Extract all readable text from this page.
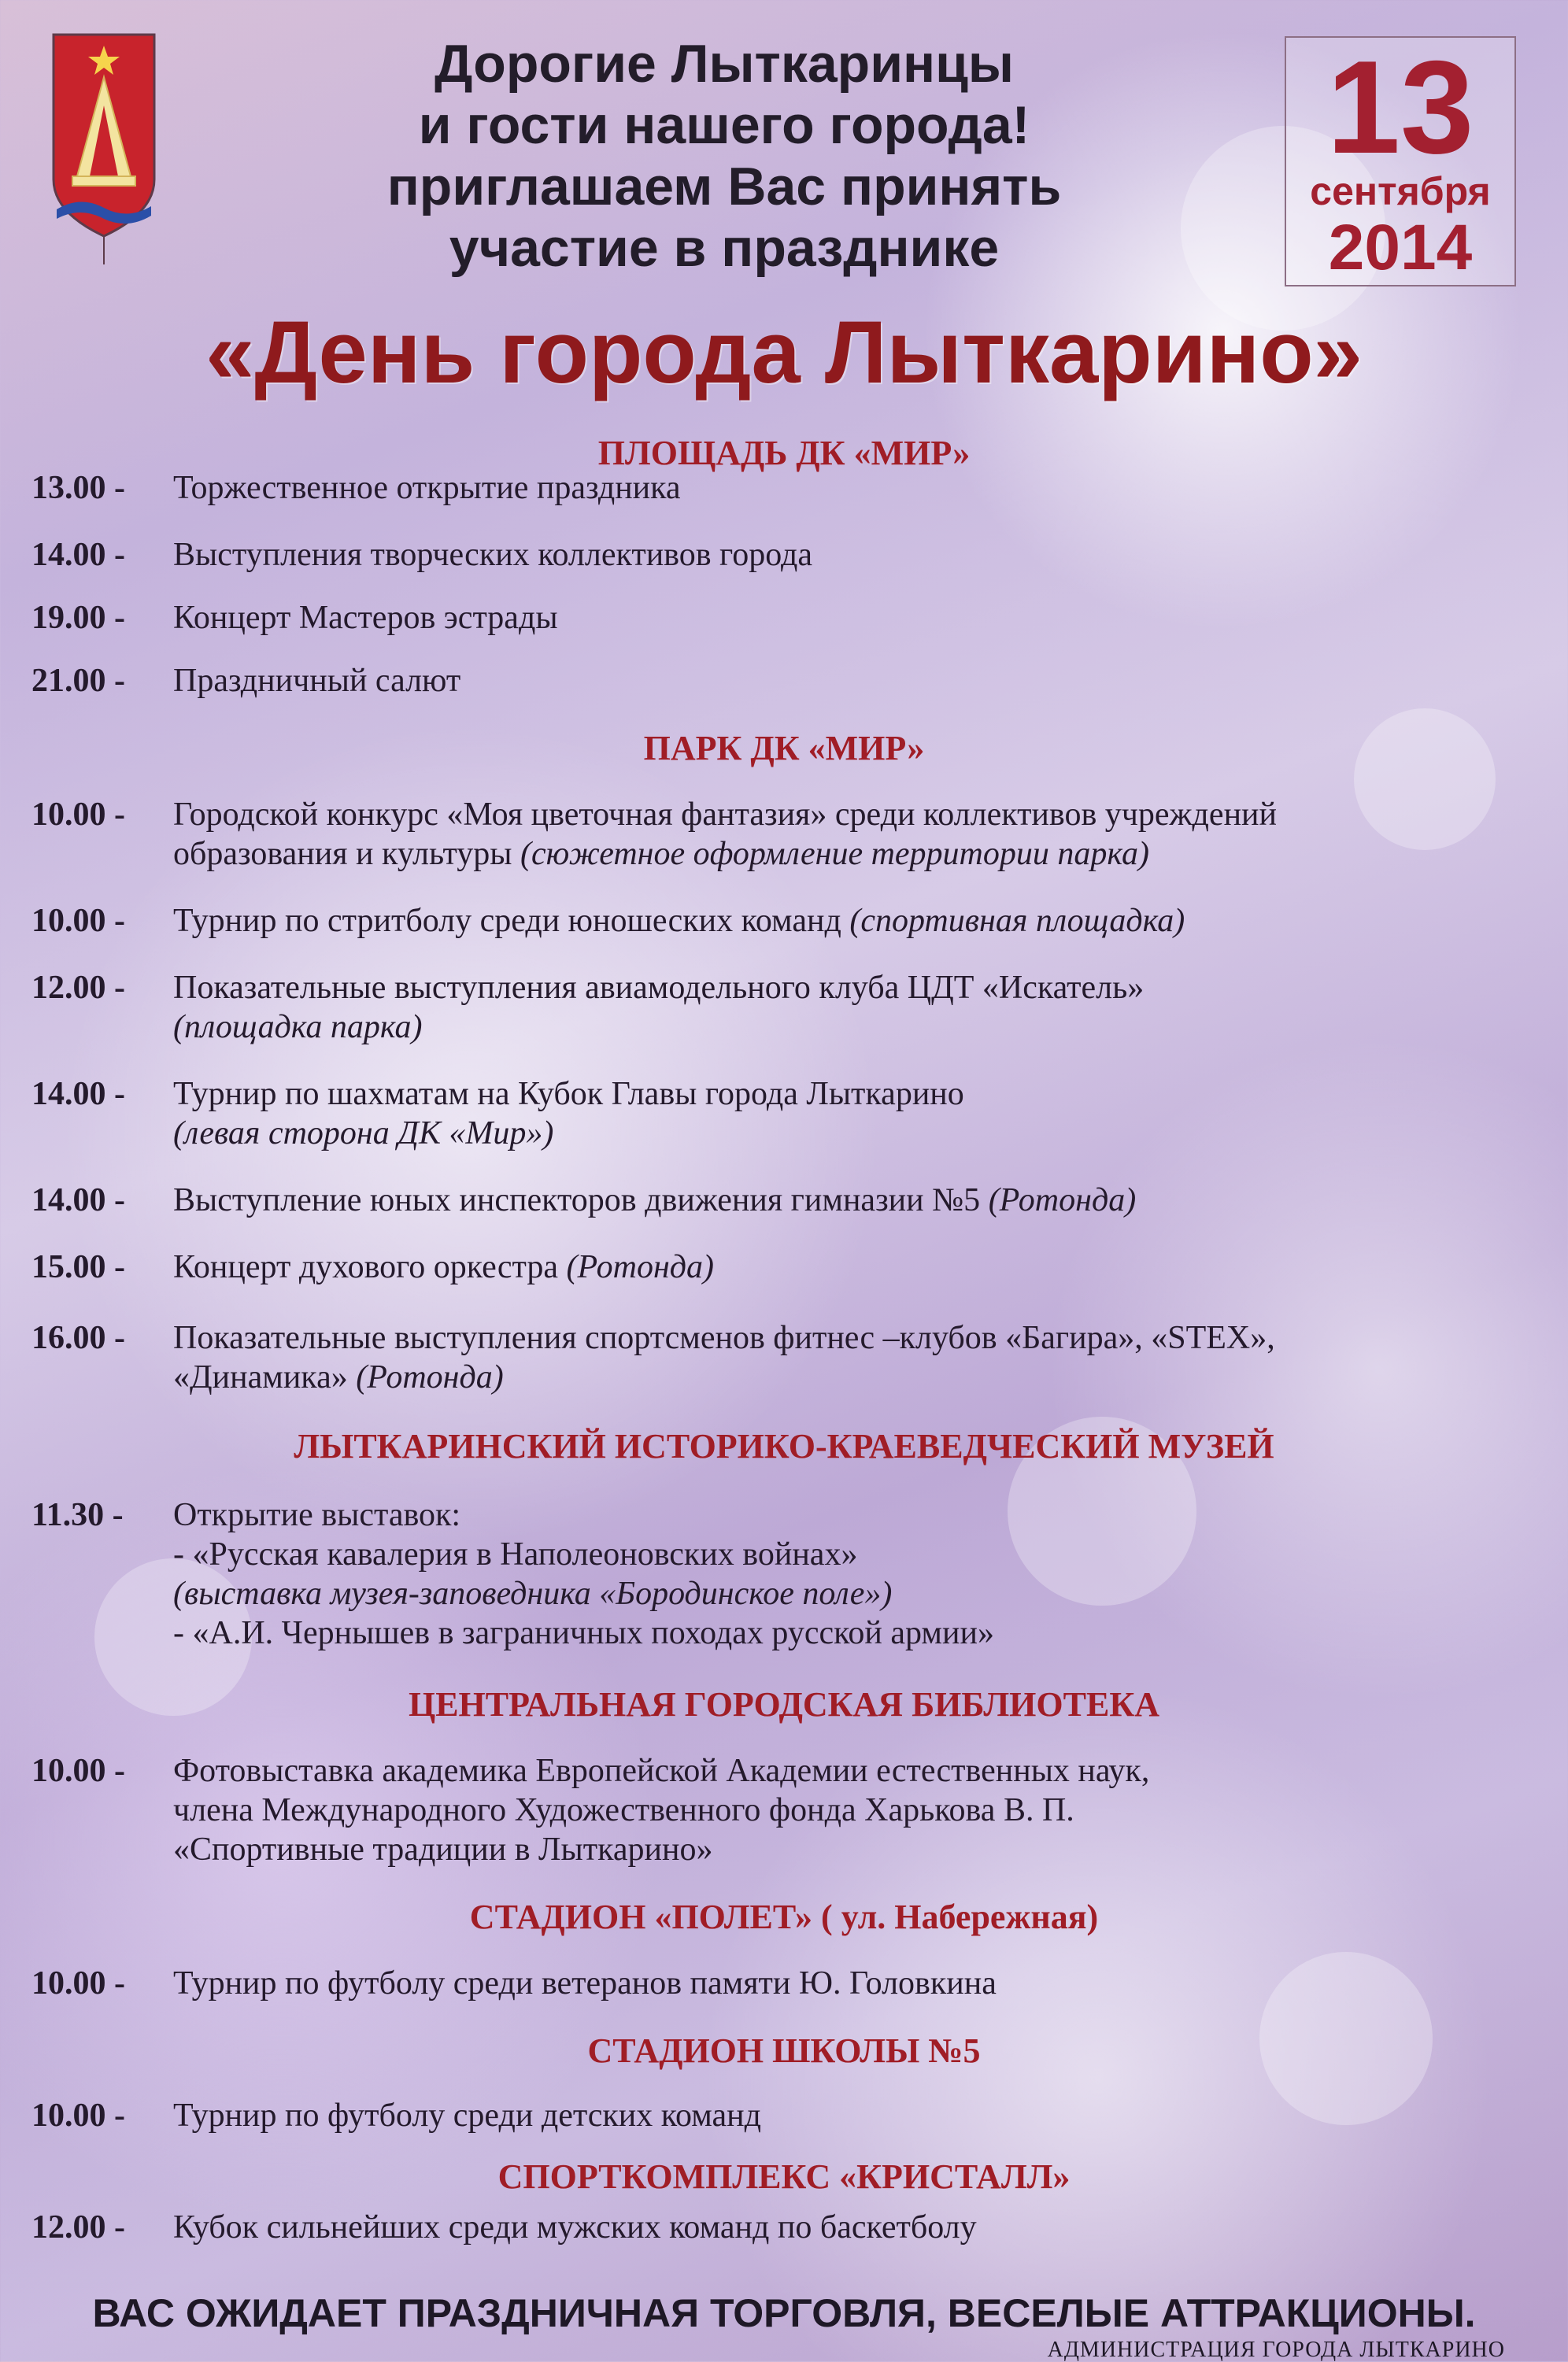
Дорогие Лыткаринцы
и гости нашего города!
приглашаем Вас принять
участие в празднике
13
сентября
2014
«День города Лыткарино»
ПЛОЩАДЬ ДК «МИР»
13.00 -	Торжественное открытие праздника
14.00 -	Выступления творческих коллективов города
19.00 -	Концерт Мастеров эстрады
21.00 -	Праздничный салют
ПАРК ДК «МИР»
10.00 -	Городской конкурс «Моя цветочная фантазия» среди коллективов учреждений
образования и культуры (сюжетное оформление территории парка)
10.00 -	Турнир по стритболу среди юношеских команд (спортивная площадка)
12.00 -	Показательные выступления авиамодельного клуба ЦДТ «Искатель»
(площадка парка)
14.00 -	Турнир по шахматам на Кубок Главы города Лыткарино
(левая сторона ДК «Мир»)
14.00 -	Выступление юных инспекторов движения гимназии №5 (Ротонда)
15.00 -	Концерт духового оркестра (Ротонда)
16.00 -	Показательные выступления спортсменов фитнес –клубов «Багира», «STEX»,
«Динамика» (Ротонда)
ЛЫТКАРИНСКИЙ ИСТОРИКО-КРАЕВЕДЧЕСКИЙ МУЗЕЙ
11.30 -	Открытие выставок:
- «Русская кавалерия в Наполеоновских войнах»
(выставка музея-заповедника «Бородинское поле»)
- «А.И. Чернышев в заграничных походах русской армии»
ЦЕНТРАЛЬНАЯ ГОРОДСКАЯ БИБЛИОТЕКА
10.00 -	Фотовыставка академика Европейской Академии естественных наук,
члена Международного Художественного фонда Харькова В. П.
«Спортивные традиции в Лыткарино»
СТАДИОН «ПОЛЕТ» ( ул. Набережная)
10.00 -	Турнир по футболу среди ветеранов памяти Ю. Головкина
СТАДИОН ШКОЛЫ №5
10.00 -	Турнир по футболу среди детских команд
СПОРТКОМПЛЕКС «КРИСТАЛЛ»
12.00 -	Кубок сильнейших среди мужских команд по баскетболу
ВАС ОЖИДАЕТ ПРАЗДНИЧНАЯ ТОРГОВЛЯ, ВЕСЕЛЫЕ АТТРАКЦИОНЫ.
АДМИНИСТРАЦИЯ ГОРОДА ЛЫТКАРИНО
